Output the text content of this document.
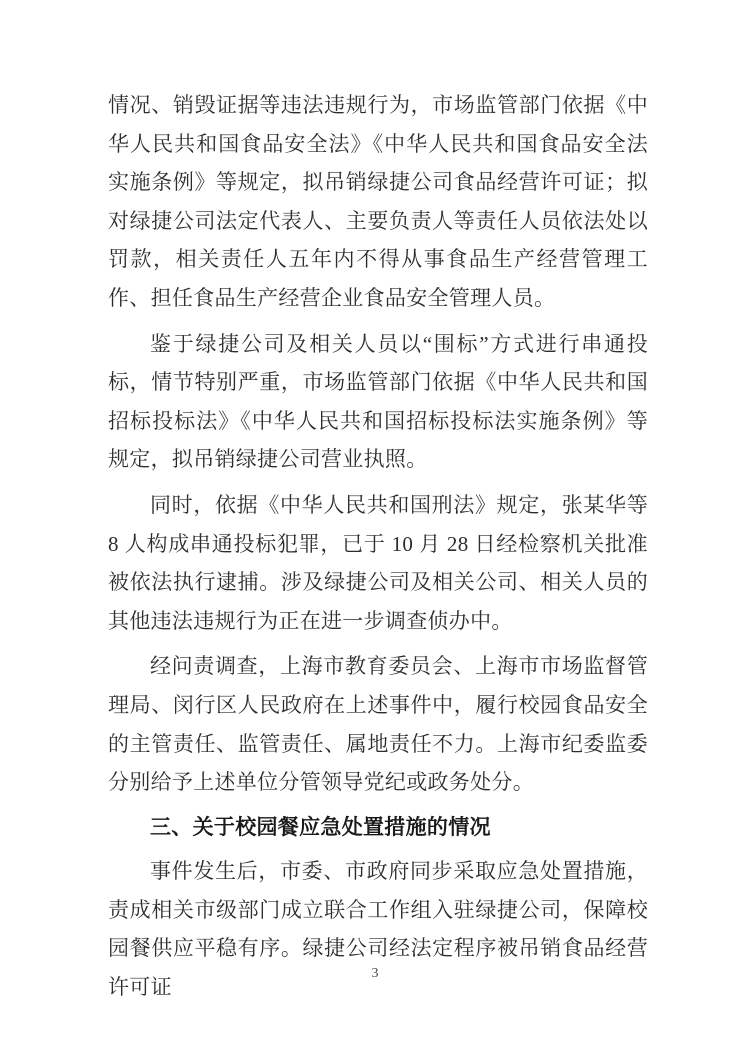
情况、销毁证据等违法违规行为，市场监管部门依据《中华人民共和国食品安全法》《中华人民共和国食品安全法实施条例》等规定，拟吊销绿捷公司食品经营许可证；拟对绿捷公司法定代表人、主要负责人等责任人员依法处以罚款，相关责任人五年内不得从事食品生产经营管理工作、担任食品生产经营企业食品安全管理人员。

鉴于绿捷公司及相关人员以“围标”方式进行串通投标，情节特别严重，市场监管部门依据《中华人民共和国招标投标法》《中华人民共和国招标投标法实施条例》等规定，拟吊销绿捷公司营业执照。

同时，依据《中华人民共和国刑法》规定，张某华等 8 人构成串通投标犯罪，已于 10 月 28 日经检察机关批准被依法执行逮捕。涉及绿捷公司及相关公司、相关人员的其他违法违规行为正在进一步调查侦办中。

经问责调查，上海市教育委员会、上海市市场监督管理局、闵行区人民政府在上述事件中，履行校园食品安全的主管责任、监管责任、属地责任不力。上海市纪委监委分别给予上述单位分管领导党纪或政务处分。

三、关于校园餐应急处置措施的情况

事件发生后，市委、市政府同步采取应急处置措施，责成相关市级部门成立联合工作组入驻绿捷公司，保障校园餐供应平稳有序。绿捷公司经法定程序被吊销食品经营许可证

3
